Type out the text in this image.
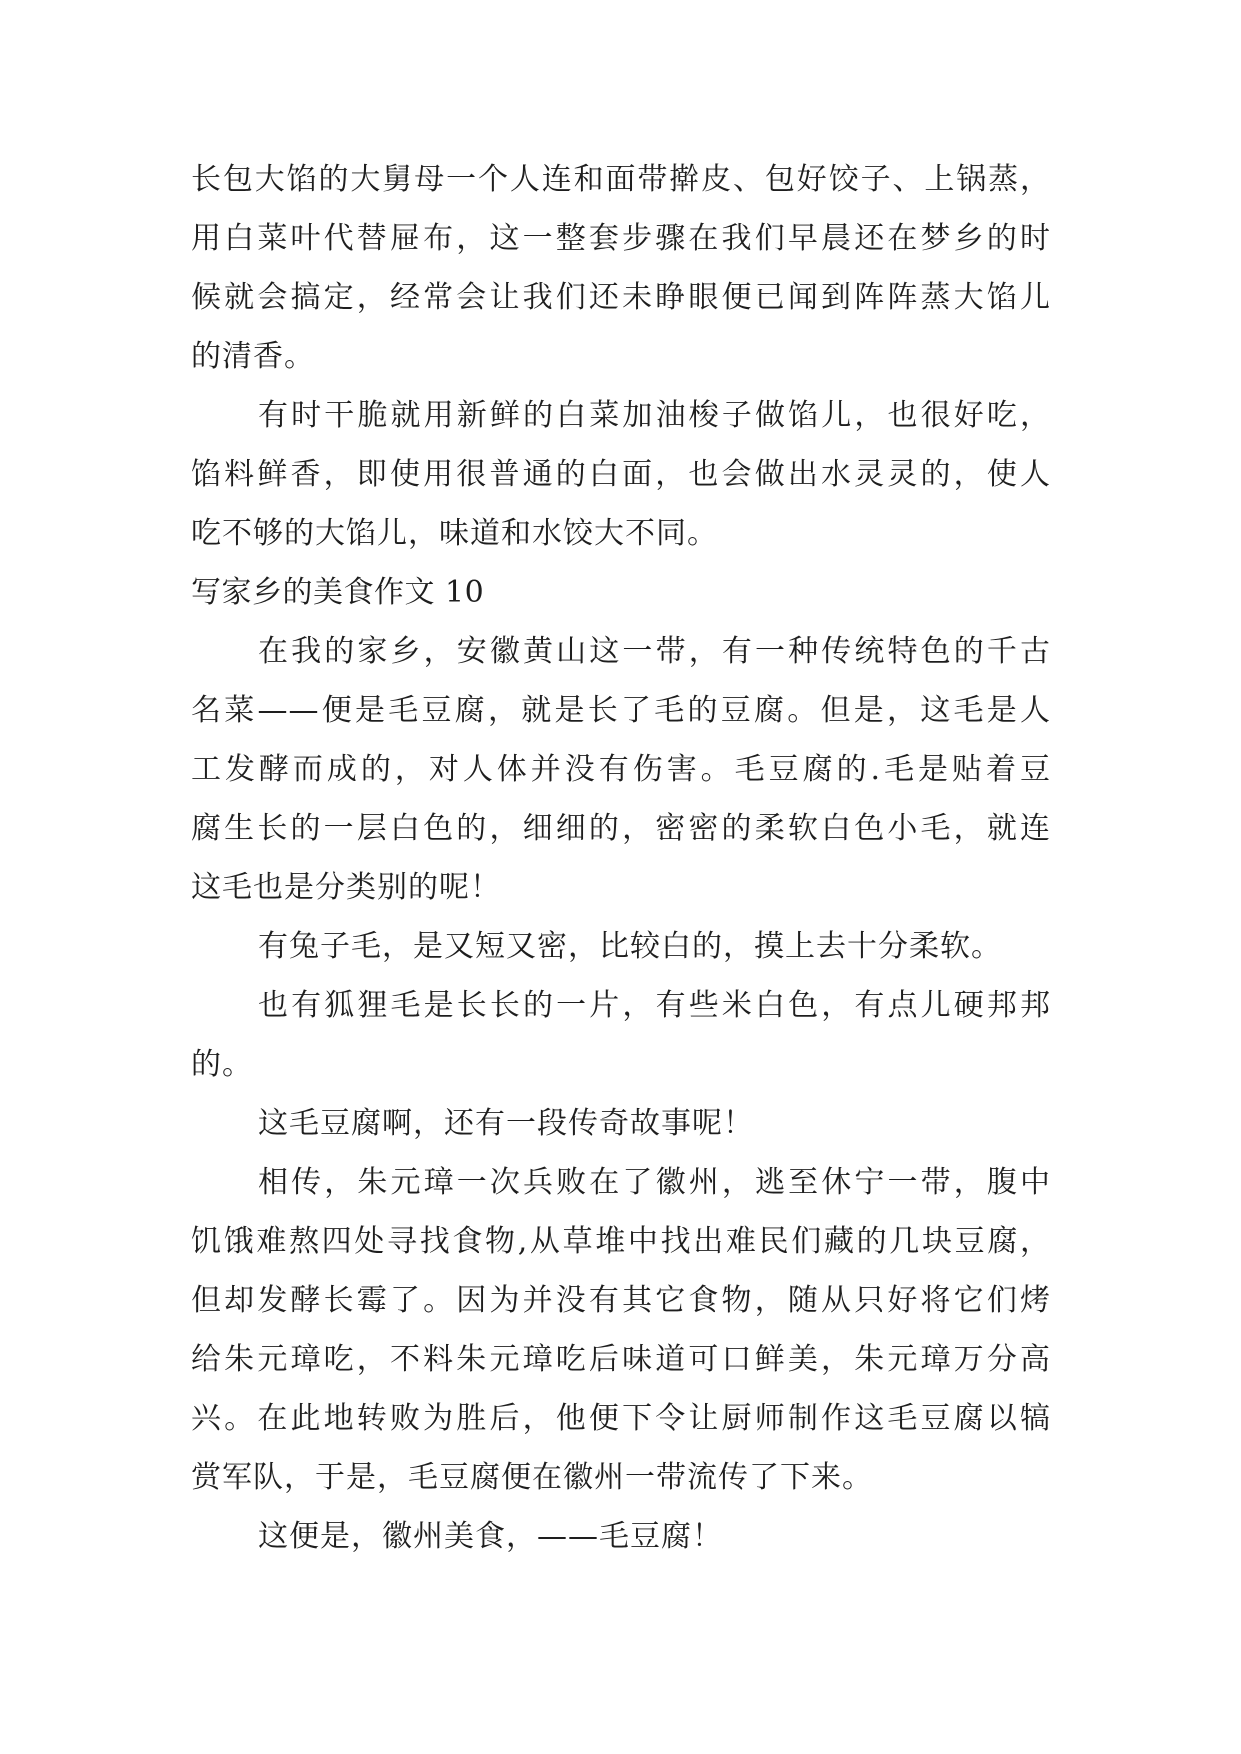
长包大馅的大舅母一个人连和面带擀皮、包好饺子、上锅蒸，
用白菜叶代替屉布，这一整套步骤在我们早晨还在梦乡的时
候就会搞定，经常会让我们还未睁眼便已闻到阵阵蒸大馅儿
的清香。
有时干脆就用新鲜的白菜加油梭子做馅儿，也很好吃，
馅料鲜香，即使用很普通的白面，也会做出水灵灵的，使人
吃不够的大馅儿，味道和水饺大不同。
写家乡的美食作文 10
在我的家乡，安徽黄山这一带，有一种传统特色的千古
名菜——便是毛豆腐，就是长了毛的豆腐。但是，这毛是人
工发酵而成的，对人体并没有伤害。毛豆腐的.毛是贴着豆
腐生长的一层白色的，细细的，密密的柔软白色小毛，就连
这毛也是分类别的呢！
有兔子毛，是又短又密，比较白的，摸上去十分柔软。
也有狐狸毛是长长的一片，有些米白色，有点儿硬邦邦
的。
这毛豆腐啊，还有一段传奇故事呢！
相传，朱元璋一次兵败在了徽州，逃至休宁一带，腹中
饥饿难熬四处寻找食物,从草堆中找出难民们藏的几块豆腐，
但却发酵长霉了。因为并没有其它食物，随从只好将它们烤
给朱元璋吃，不料朱元璋吃后味道可口鲜美，朱元璋万分高
兴。在此地转败为胜后，他便下令让厨师制作这毛豆腐以犒
赏军队，于是，毛豆腐便在徽州一带流传了下来。
这便是，徽州美食，——毛豆腐！
